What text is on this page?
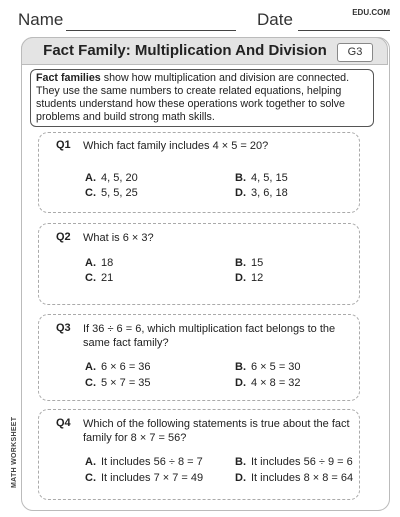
Name	Date	EDU.COM
MATH WORKSHEET
Fact Family: Multiplication And Division	G3
Fact families show how multiplication and division are connected. They use the same numbers to create related equations, helping students understand how these operations work together to solve problems and build strong math skills.
Q1 Which fact family includes 4 × 5 = 20?
A. 4, 5, 20	B. 4, 5, 15
C. 5, 5, 25	D. 3, 6, 18
Q2 What is 6 × 3?
A. 18	B. 15
C. 21	D. 12
Q3 If 36 ÷ 6 = 6, which multiplication fact belongs to the same fact family?
A. 6 × 6 = 36	B. 6 × 5 = 30
C. 5 × 7 = 35	D. 4 × 8 = 32
Q4 Which of the following statements is true about the fact family for 8 × 7 = 56?
A. It includes 56 ÷ 8 = 7	B. It includes 56 ÷ 9 = 6
C. It includes 7 × 7 = 49	D. It includes 8 × 8 = 64
